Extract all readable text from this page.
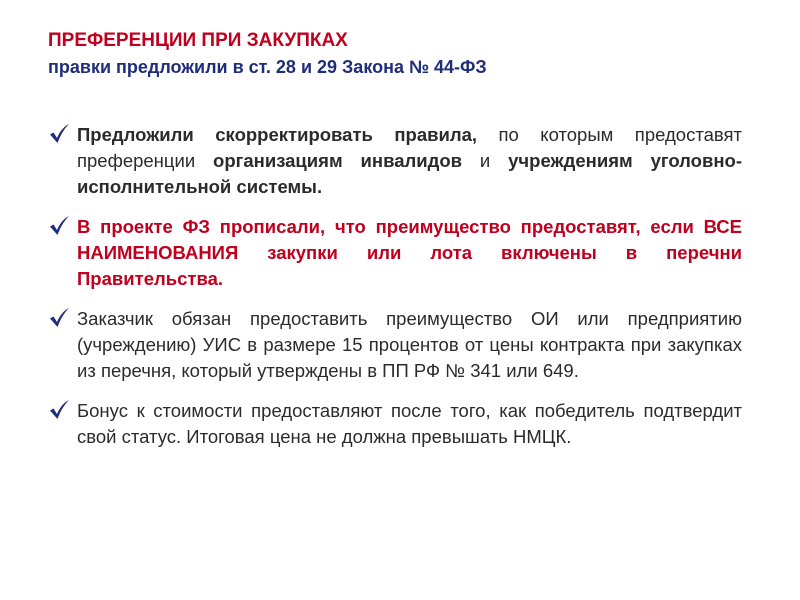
ПРЕФЕРЕНЦИИ ПРИ ЗАКУПКАХ
правки предложили в ст. 28 и 29 Закона № 44-ФЗ
Предложили скорректировать правила, по которым предоставят преференции организациям инвалидов и учреждениям уголовно-исполнительной системы.
В проекте ФЗ прописали, что преимущество предоставят, если ВСЕ НАИМЕНОВАНИЯ закупки или лота включены в перечни Правительства.
Заказчик обязан предоставить преимущество ОИ или предприятию (учреждению) УИС в размере 15 процентов от цены контракта при закупках из перечня, который утверждены в ПП РФ № 341 или 649.
Бонус к стоимости предоставляют после того, как победитель подтвердит свой статус. Итоговая цена не должна превышать НМЦК.
